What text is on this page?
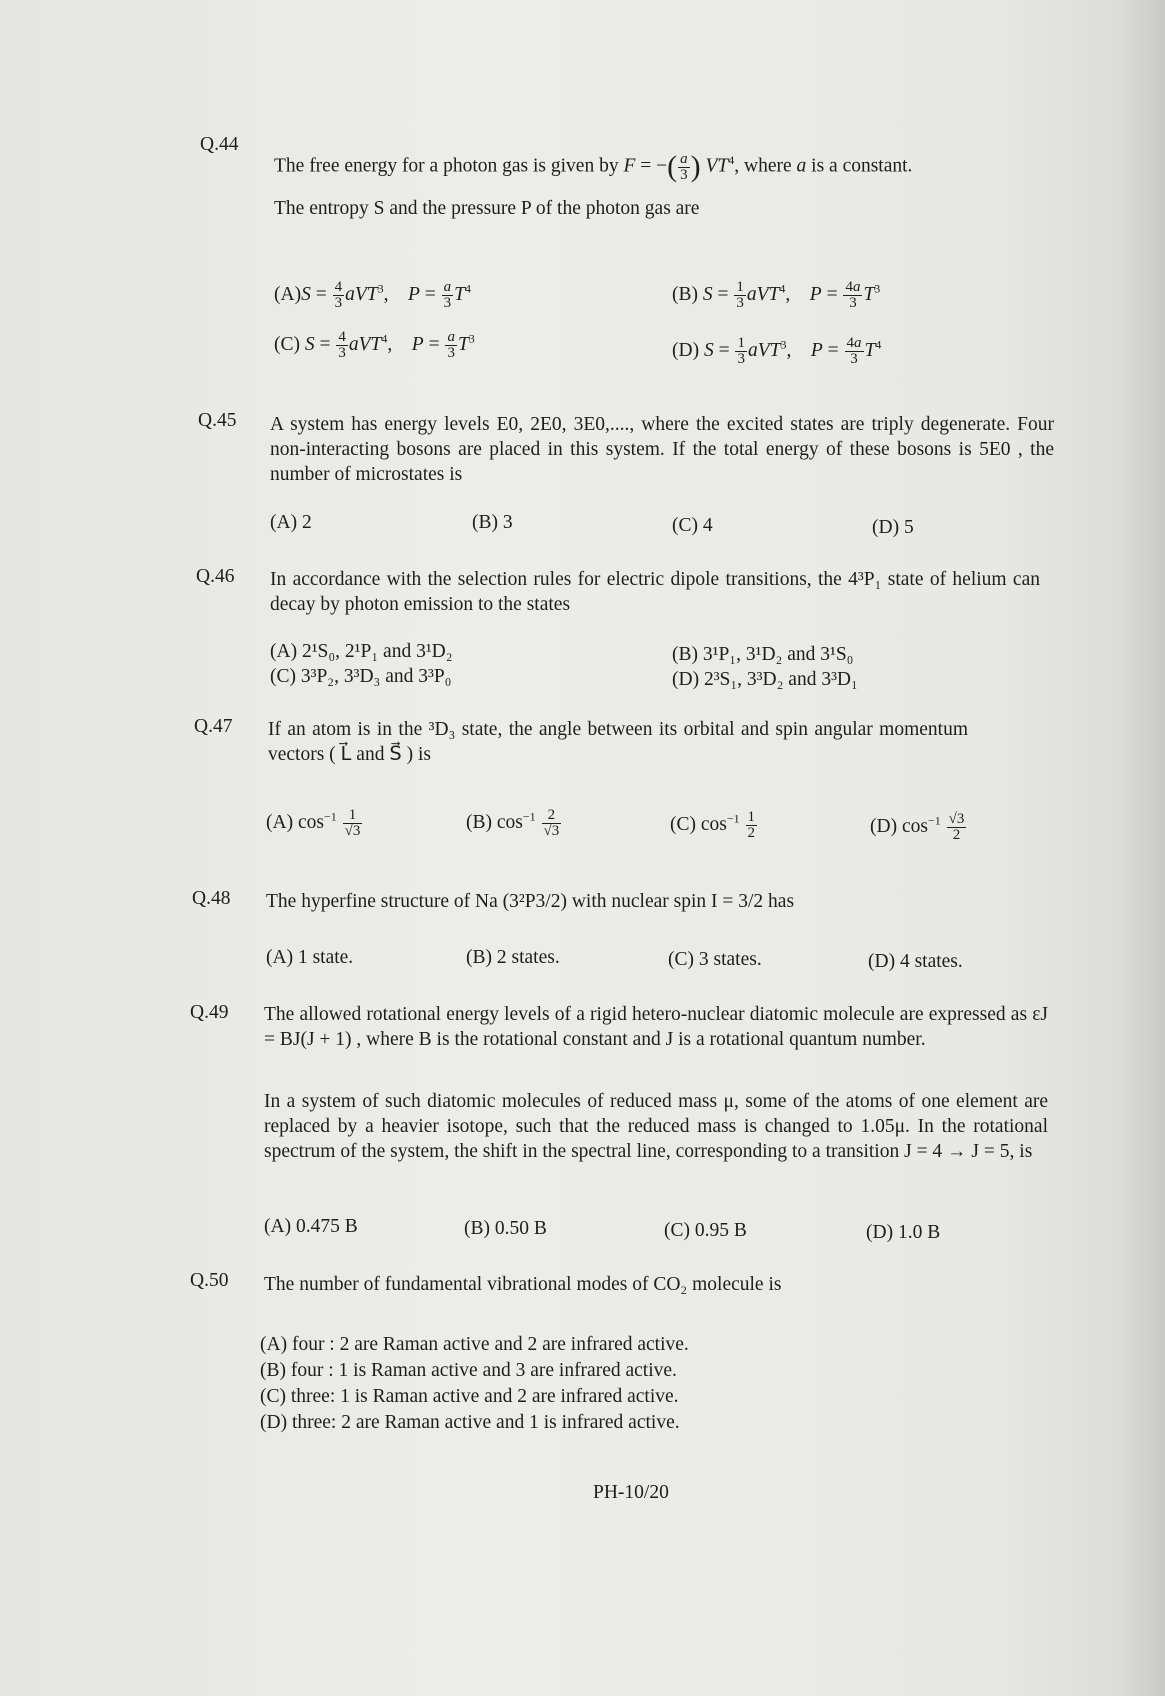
Q.44
The free energy for a photon gas is given by F = −( $\frac{a}{3}$ ) $VT^4$, where a is a constant.
The entropy S and the pressure P of the photon gas are
$(A)S = \frac{4}{3} aVT^3$,    $P = \frac{a}{3} T^4$	(B) $S = \frac{1}{3} aVT^4$,    $P = \frac{4a}{3} T^3$
(C) $S = \frac{4}{3} aVT^4$,    $P = \frac{a}{3} T^3$
(D) $S = \frac{1}{3} aVT^3$,    $P = \frac{4a}{3} T^4$
Q.45 A system has energy levels E0, 2E0, 3E0,...., where the excited states are triply degenerate. Four non-interacting bosons are placed in this system. If the total energy of these bosons is 5E0 , the number of microstates is
(A) 2	(B) 3	(C) 4	(D) 5
Q.46 In accordance with the selection rules for electric dipole transitions, the 4³P₁ state of helium can decay by photon emission to the states
(A) 2¹S₀, 2¹P₁ and 3¹D₂	(B) 3¹P₁, 3¹D₂ and 3¹S₀
(C) 3³P₂, 3³D₃ and 3³P₀	(D) 2³S₁, 3³D₂ and 3³D₁
Q.47 If an atom is in the ³D₃ state, the angle between its orbital and spin angular momentum vectors ( L⃗ and S⃗ ) is
(A) $\cos^{-1} \frac{1}{√3}$	(B) $\cos^{-1} \frac{2}{√3}$	(C) $\cos^{-1} \frac{1}{2}$	(D) $\cos^{-1} \frac{√3}{2}$
Q.48 The hyperfine structure of Na (3²P3/2) with nuclear spin I = 3/2 has
(A) 1 state.	(B) 2 states.	(C) 3 states.	(D) 4 states.
Q.49 The allowed rotational energy levels of a rigid hetero-nuclear diatomic molecule are expressed as εJ = BJ(J + 1) , where B is the rotational constant and J is a rotational quantum number.
In a system of such diatomic molecules of reduced mass μ, some of the atoms of one element are replaced by a heavier isotope, such that the reduced mass is changed to 1.05μ. In the rotational spectrum of the system, the shift in the spectral line, corresponding to a transition J = 4 → J = 5, is
(A) 0.475 B	(B) 0.50 B	(C) 0.95 B	(D) 1.0 B
Q.50 The number of fundamental vibrational modes of CO₂ molecule is
(A) four : 2 are Raman active and 2 are infrared active.
(B) four : 1 is Raman active and 3 are infrared active.
(C) three: 1 is Raman active and 2 are infrared active.
(D) three: 2 are Raman active and 1 is infrared active.
PH-10/20
